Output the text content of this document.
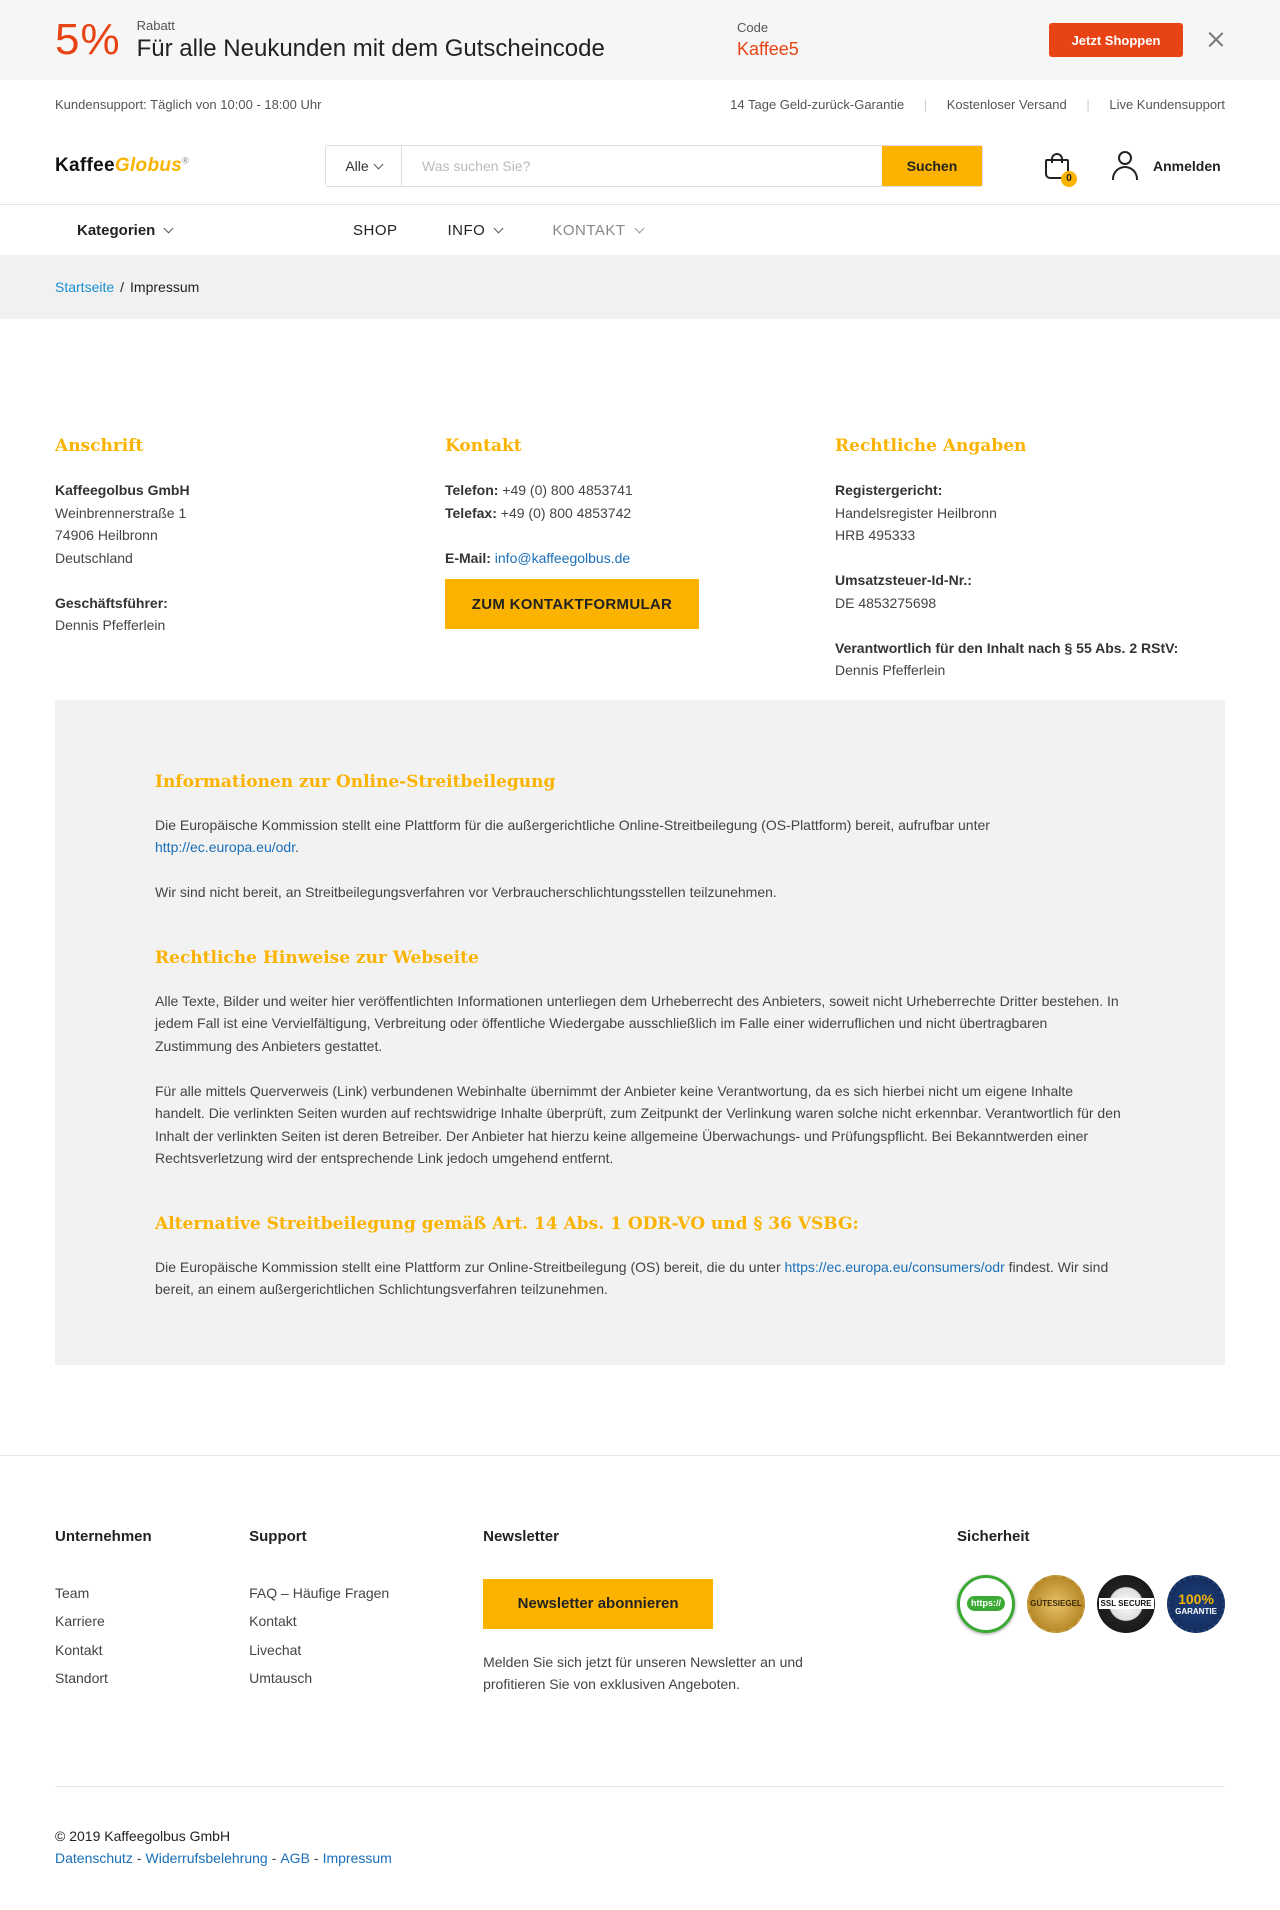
5% Rabatt
Für alle Neukunden mit dem Gutscheincode
Code
Kaffee5	Jetzt Shoppen
Kundensupport: Täglich von 10:00 - 18:00 Uhr	14 Tage Geld-zurück-Garantie | Kostenloser Versand | Live Kundensupport
KaffeeGlobus®	Alle
Was suchen Sie?	Suchen
0
Anmelden
Kategorien	SHOP	INFO	KONTAKT
Startseite / Impressum
Anschrift
Kaffeegolbus GmbH
Weinbrennerstraße 1
74906 Heilbronn
Deutschland
Geschäftsführer:
Dennis Pfefferlein
Kontakt
Telefon: +49 (0) 800 4853741
Telefax: +49 (0) 800 4853742
E-Mail: info@kaffeegolbus.de
ZUM KONTAKTFORMULAR
Rechtliche Angaben
Registergericht:
Handelsregister Heilbronn
HRB 495333
Umsatzsteuer-Id-Nr.:
DE 4853275698
Verantwortlich für den Inhalt nach § 55 Abs. 2 RStV:
Dennis Pfefferlein
Informationen zur Online-Streitbeilegung

Die Europäische Kommission stellt eine Plattform für die außergerichtliche Online-Streitbeilegung (OS-Plattform) bereit, aufrufbar unter http://ec.europa.eu/odr.

Wir sind nicht bereit, an Streitbeilegungsverfahren vor Verbraucherschlichtungsstellen teilzunehmen.

Rechtliche Hinweise zur Webseite

Alle Texte, Bilder und weiter hier veröffentlichten Informationen unterliegen dem Urheberrecht des Anbieters, soweit nicht Urheberrechte Dritter bestehen. In jedem Fall ist eine Vervielfältigung, Verbreitung oder öffentliche Wiedergabe ausschließlich im Falle einer widerruflichen und nicht übertragbaren Zustimmung des Anbieters gestattet.

Für alle mittels Querverweis (Link) verbundenen Webinhalte übernimmt der Anbieter keine Verantwortung, da es sich hierbei nicht um eigene Inhalte handelt. Die verlinkten Seiten wurden auf rechtswidrige Inhalte überprüft, zum Zeitpunkt der Verlinkung waren solche nicht erkennbar. Verantwortlich für den Inhalt der verlinkten Seiten ist deren Betreiber. Der Anbieter hat hierzu keine allgemeine Überwachungs- und Prüfungspflicht. Bei Bekanntwerden einer Rechtsverletzung wird der entsprechende Link jedoch umgehend entfernt.

Alternative Streitbeilegung gemäß Art. 14 Abs. 1 ODR-VO und § 36 VSBG:

Die Europäische Kommission stellt eine Plattform zur Online-Streitbeilegung (OS) bereit, die du unter https://ec.europa.eu/consumers/odr findest. Wir sind bereit, an einem außergerichtlichen Schlichtungsverfahren teilzunehmen.

Unternehmen
Team
Karriere
Kontakt
Standort
Support
FAQ – Häufige Fragen
Kontakt
Livechat
Umtausch
Newsletter
Newsletter abonnieren
Melden Sie sich jetzt für unseren Newsletter an und profitieren Sie von exklusiven Angeboten.
Sicherheit
https://	GÜTESIEGEL SSL SECURE 100%
GARANTIE
© 2019 Kaffeegolbus GmbH
Datenschutz - Widerrufsbelehrung - AGB - Impressum
